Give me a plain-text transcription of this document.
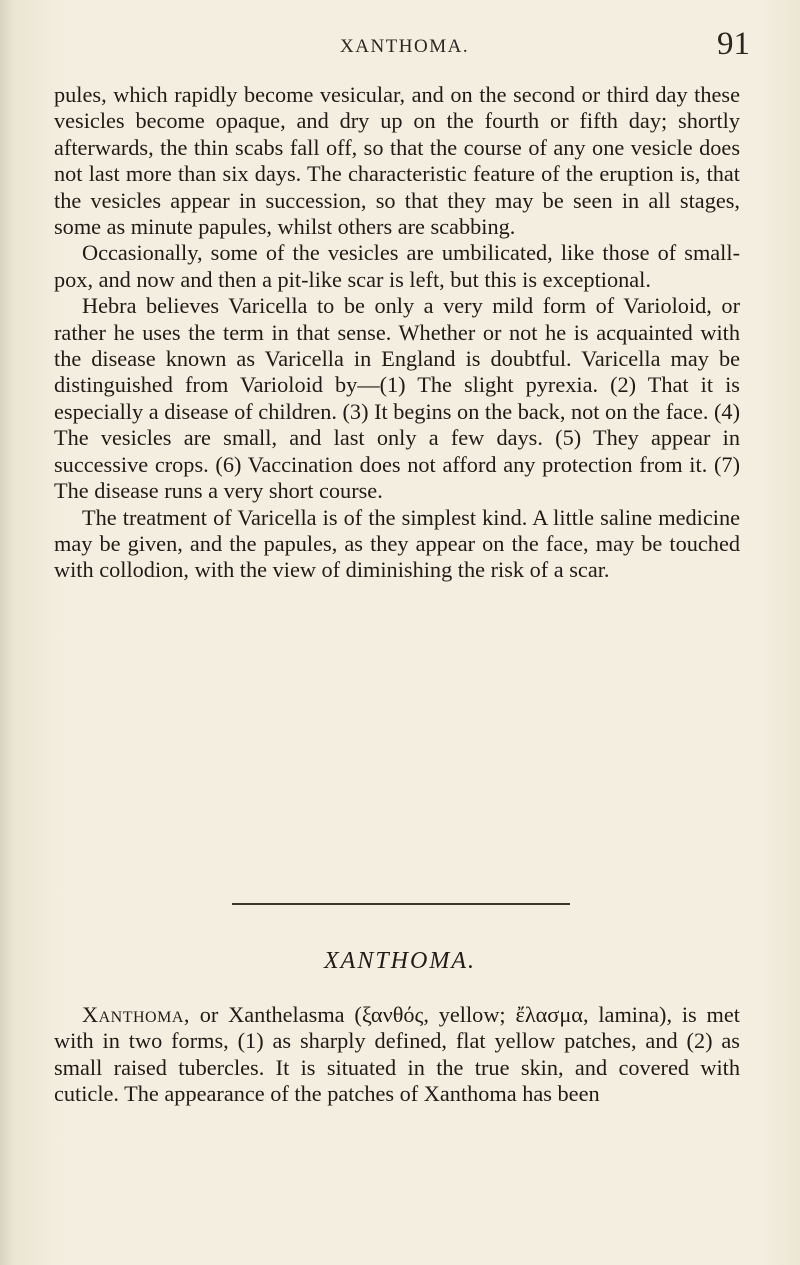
XANTHOMA.	91

pules, which rapidly become vesicular, and on the second or third day these vesicles become opaque, and dry up on the fourth or fifth day; shortly afterwards, the thin scabs fall off, so that the course of any one vesicle does not last more than six days. The characteristic feature of the eruption is, that the vesicles appear in succession, so that they may be seen in all stages, some as minute papules, whilst others are scabbing.

Occasionally, some of the vesicles are umbilicated, like those of small-pox, and now and then a pit-like scar is left, but this is exceptional.

Hebra believes Varicella to be only a very mild form of Varioloid, or rather he uses the term in that sense. Whether or not he is acquainted with the disease known as Varicella in England is doubtful. Varicella may be distinguished from Varioloid by—(1) The slight pyrexia. (2) That it is especially a disease of children. (3) It begins on the back, not on the face. (4) The vesicles are small, and last only a few days. (5) They appear in successive crops. (6) Vaccination does not afford any protection from it. (7) The disease runs a very short course.

The treatment of Varicella is of the simplest kind. A little saline medicine may be given, and the papules, as they appear on the face, may be touched with collodion, with the view of diminishing the risk of a scar.

XANTHOMA.

Xanthoma, or Xanthelasma (ξανθός, yellow; ἔλασμα, lamina), is met with in two forms, (1) as sharply defined, flat yellow patches, and (2) as small raised tubercles. It is situated in the true skin, and covered with cuticle. The appearance of the patches of Xanthoma has been
